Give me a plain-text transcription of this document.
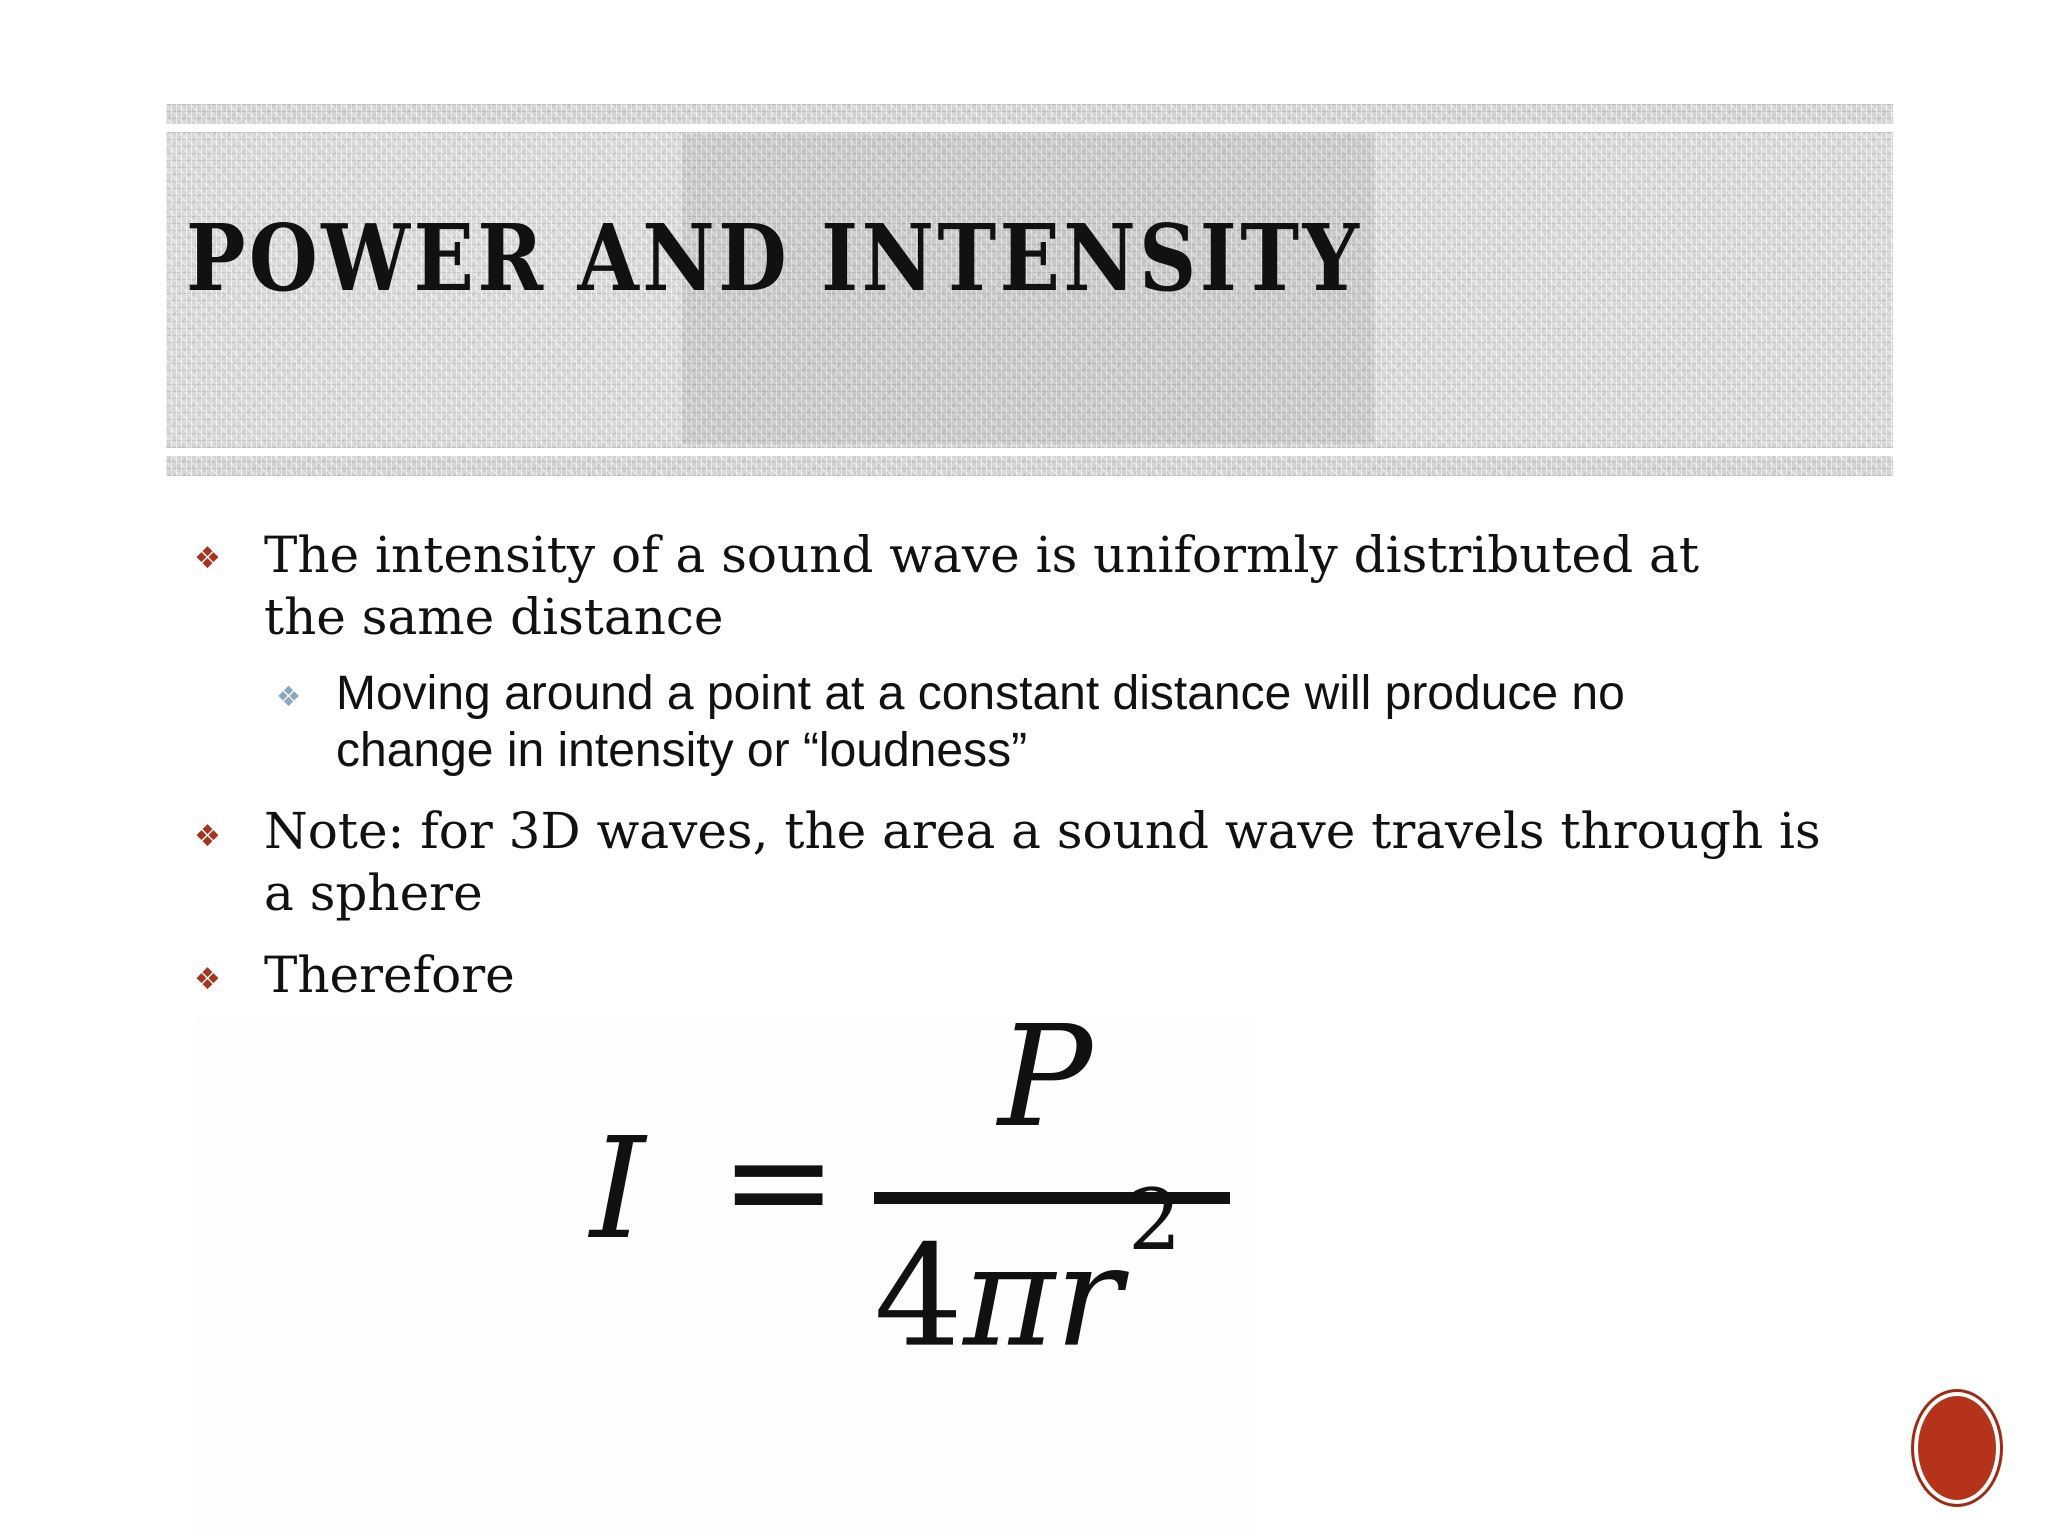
POWER AND INTENSITY
❖ The intensity of a sound wave is uniformly distributed at the same distance
❖ Moving around a point at a constant distance will produce no change in intensity or “loudness”
❖ Note: for 3D waves, the area a sound wave travels through is a sphere
❖ Therefore
I =
P
$4\pi r^2$
